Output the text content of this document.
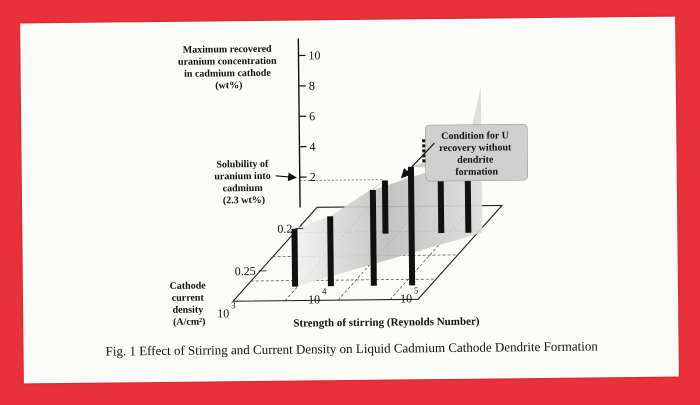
2
4
6
8
10
Maximum recovered uranium concentration in cadmium cathode (wt%)
Solubility of uranium into cadmium (2.3 wt%)
Condition for U recovery without dendrite formation
0.2
0.25
Cathode current density (A/cm²)
10
3	10
4
10
5
Strength of stirring (Reynolds Number)
Fig. 1 Effect of Stirring and Current Density on Liquid Cadmium Cathode Dendrite Formation
